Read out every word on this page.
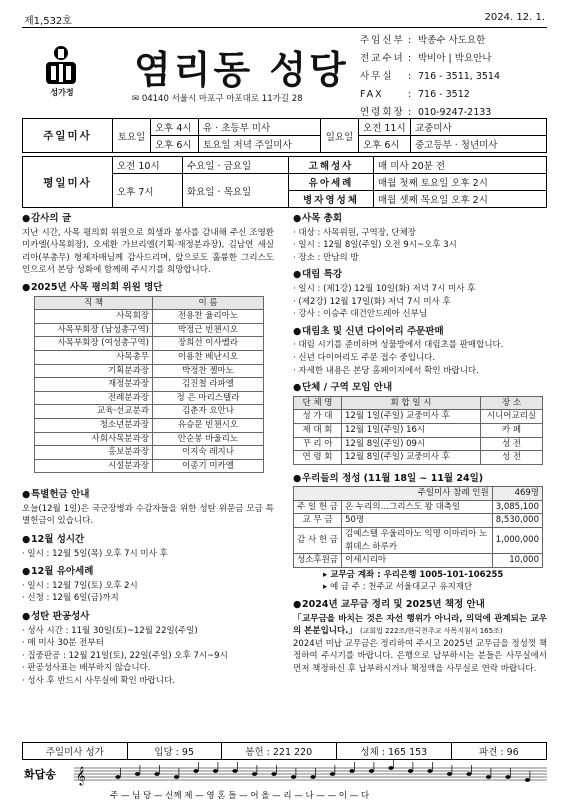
제1,532호	2024. 12. 1.
성가정
염리동 성당
✉ 04140 서울시 마포구 마포대로 11가길 28
주임신부 : 박종수 사도요한
전교수녀 : 박비아 | 박요안나
사무실	: 716 - 3511, 3514
FAX	: 716 - 3512
연령회장 : 010-9247-2133
주일미사	토요일	오후 4시	유 · 초등부 미사	일요일	오전 11시	교중미사
		오후 6시	토요일 저녁 주일미사		오후 6시	중고등부 · 청년미사
평일미사	오전 10시	수요일 · 금요일	고해성사	매 미사 20분 전
	오후 7시	화요일 · 목요일	유아세례	매월 첫째 토요일 오후 2시
			병자영성체	매월 셋째 목요일 오후 2시
●감사의 글

지난 시간, 사목 평의회 위원으로 희생과 봉사를 감내해 주신 조영환 미카엘(사목회장), 오세환 가브리엘(기획·재정분과장), 김남연 세실리아(부총무) 형제자매님께 감사드리며, 앞으로도 훌륭한 그리스도인으로서 본당 성화에 함께해 주시기를 희망합니다.

●2025년 사목 평의회 위원 명단
직 책	이 름
사목회장	전용찬 율리아노
사목부회장 (남성총구역)	박정근 빈첸시오
사목부회장 (여성총구역)	장희선 이사벨라
사목총무	이용찬 베난시오
기획분과장	박정찬 젤마노
재정분과장	김진철 라파엘
전례분과장	정 은 마리스텔라
교육·선교분과	김춘자 요안나
청소년분과장	유승문 빈첸시오
사회사목분과장	안순봉 바울리노
홍보분과장	이지숙 레지나
시설분과장	이종기 미카엘
●특별헌금 안내

오늘(12월 1일)은 국군장병과 수감자들을 위한 성탄 위문금 모금 특별헌금이 있습니다.

●12월 성시간
· 일시 : 12월 5일(목) 오후 7시 미사 후
●12월 유아세례
· 일시 : 12월 7일(토) 오후 2시
· 신청 : 12월 6일(금)까지
●성탄 판공성사
· 성사 시간 : 11월 30일(토)~12월 22일(주일)
· 매 미사 30분 전부터
· 집중판공 : 12월 21일(토), 22일(주일) 오후 7시~9시
· 판공성사표는 배부하지 않습니다.
· 성사 후 반드시 사무실에 확인 바랍니다.
●사목 총회
· 대상 : 사목위원, 구역장, 단체장
· 일시 : 12월 8일(주일) 오전 9시~오후 3시
· 장소 : 만남의 방
●대림 특강
· 일시 : (제1강) 12월 10일(화) 저녁 7시 미사 후
· (제2강) 12월 17일(화) 저녁 7시 미사 후
· 강사 : 이승주 대건안드레아 신부님
●대림초 및 신년 다이어리 주문판매
· 대림 시기를 준비하며 성물방에서 대림초를 판매합니다.
· 신년 다이어리도 주문 접수 중입니다.
· 자세한 내용은 본당 홈페이지에서 확인 바랍니다.
●단체 / 구역 모임 안내
단 체 명	회 합 일 시	장 소
성 가 대	12월 1일(주일) 교중미사 후	시니어교리실
제 대 회	12월 1일(주일) 16시	카 페
꾸 리 아	12월 8일(주일) 09시	성 전
연 령 회	12월 8일(주일) 교중미사 후	성 전
●우리들의 정성 (11월 18일 ~ 11월 24일)
주일미사 참례 인원		469명
주 일 헌 금	온 누리의…그리스도 왕 대축일	3,085,100
교 무 금	50명	8,530,000
감 사 헌 금	김예스텔 우울리아노 익명 이마리아 노휘데스 하루카	1,000,000
성소후원금	이세시리아	10,000
▸ 교무금 계좌 : 우리은행 1005-101-106255
▸ 예 금 주 : 천주교 서울대교구 유지재단
●2024년 교무금 정리 및 2025년 책정 안내

「교무금을 바치는 것은 자선 행위가 아니라, 의덕에 관계되는 교우의 본분입니다.」 (교회법 222조/한국천주교 사목지침서 165조)

2024년 미납 교무금은 정리하여 주시고 2025년 교무금을 정성껏 책정하여 주시기를 바랍니다. 은행으로 납부하시는 분들은 사무실에서 먼저 책정하신 후 납부하시거나 책정액을 사무실로 연락 바랍니다.

주일미사 성가	입당 : 95	봉헌 : 221 220	성체 : 165 153	파견 : 96
화답송 𝄞
주 — 님 당 — 신께 제 — 영 혼 들 — 어 올 — 리 — 나 — — 이 — 다
